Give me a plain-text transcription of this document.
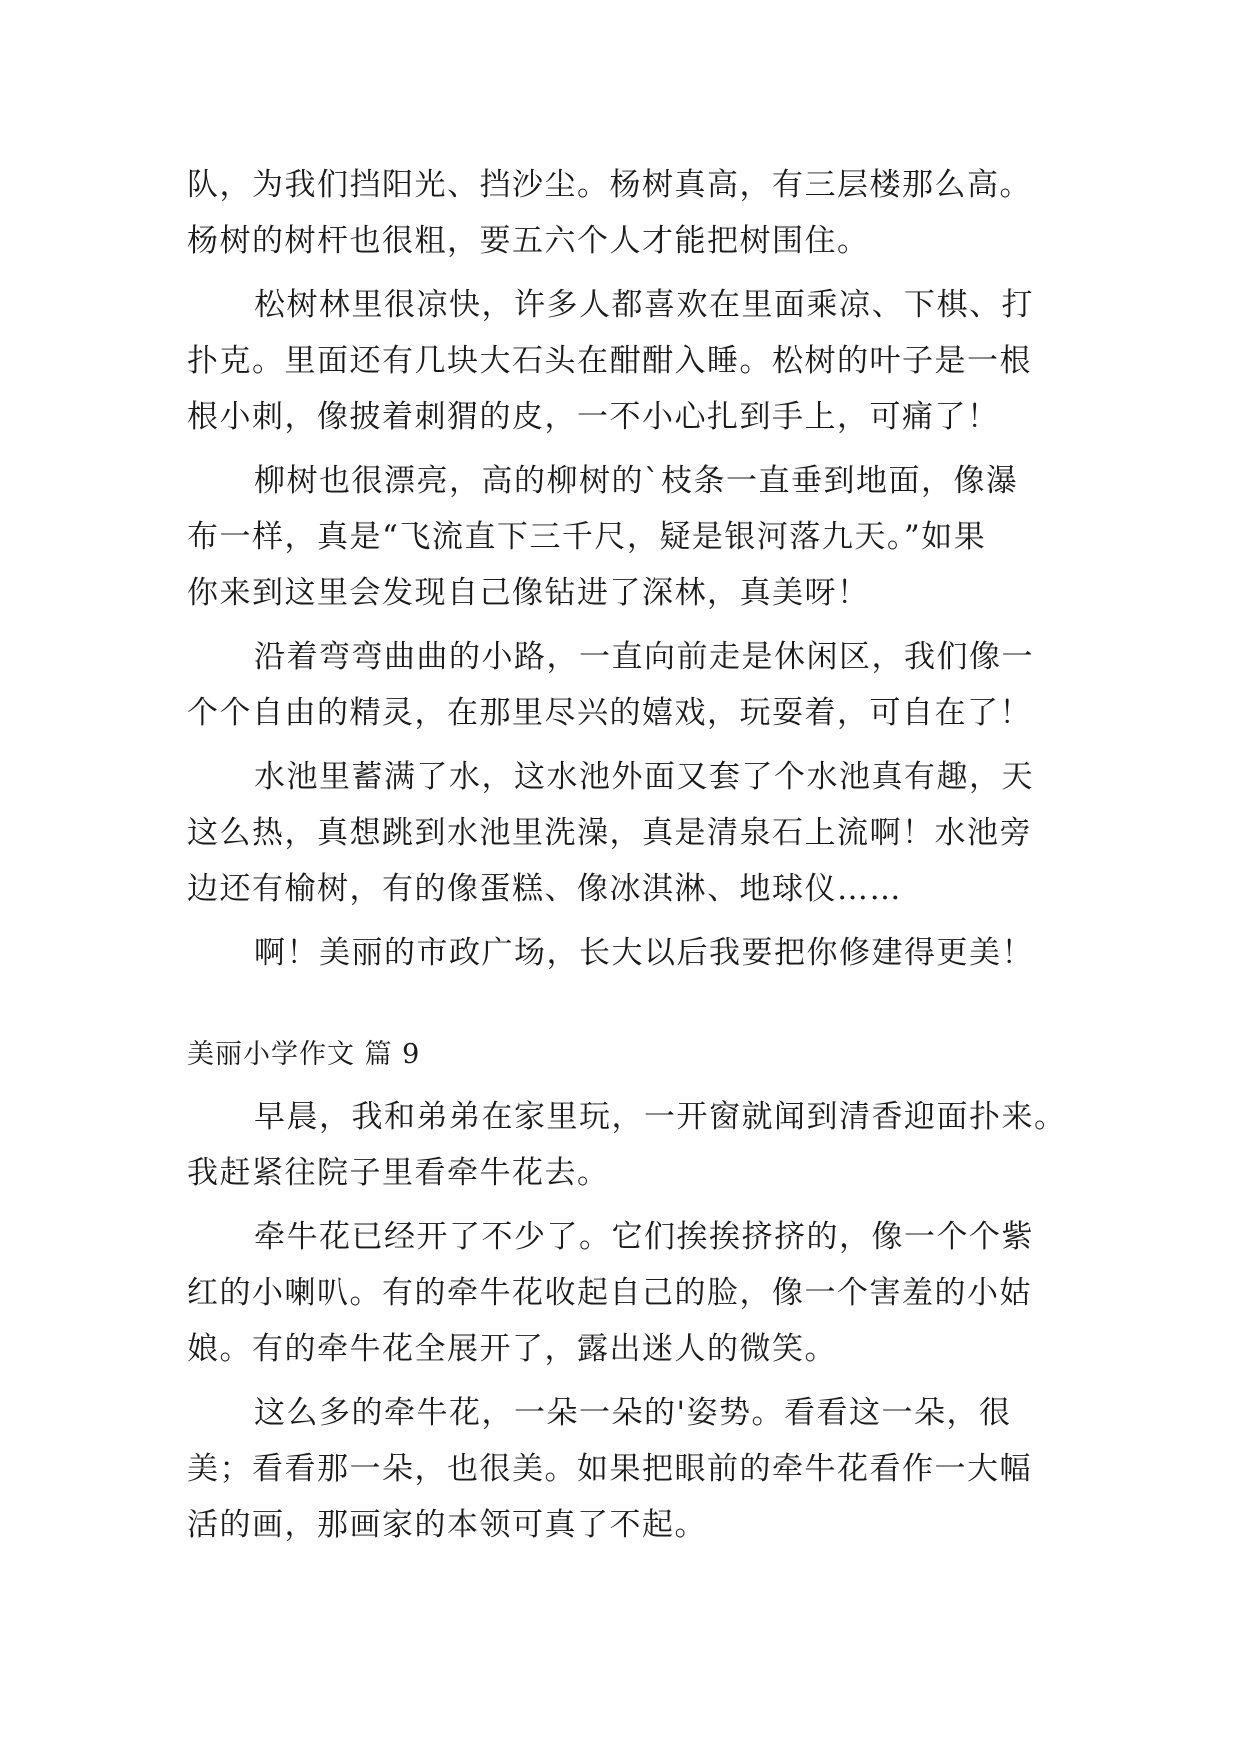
队，为我们挡阳光、挡沙尘。杨树真高，有三层楼那么高。
杨树的树杆也很粗，要五六个人才能把树围住。
松树林里很凉快，许多人都喜欢在里面乘凉、下棋、打
扑克。里面还有几块大石头在酣酣入睡。松树的叶子是一根
根小刺，像披着刺猬的皮，一不小心扎到手上，可痛了！
柳树也很漂亮，高的柳树的`枝条一直垂到地面，像瀑
布一样，真是“飞流直下三千尺，疑是银河落九天。”如果
你来到这里会发现自己像钻进了深林，真美呀！
沿着弯弯曲曲的小路，一直向前走是休闲区，我们像一
个个自由的精灵，在那里尽兴的嬉戏，玩耍着，可自在了！
水池里蓄满了水，这水池外面又套了个水池真有趣，天
这么热，真想跳到水池里洗澡，真是清泉石上流啊！水池旁
边还有榆树，有的像蛋糕、像冰淇淋、地球仪……
啊！美丽的市政广场，长大以后我要把你修建得更美！
美丽小学作文 篇 9
早晨，我和弟弟在家里玩，一开窗就闻到清香迎面扑来。
我赶紧往院子里看牵牛花去。
牵牛花已经开了不少了。它们挨挨挤挤的，像一个个紫
红的小喇叭。有的牵牛花收起自己的脸，像一个害羞的小姑
娘。有的牵牛花全展开了，露出迷人的微笑。
这么多的牵牛花，一朵一朵的'姿势。看看这一朵，很
美；看看那一朵，也很美。如果把眼前的牵牛花看作一大幅
活的画，那画家的本领可真了不起。
